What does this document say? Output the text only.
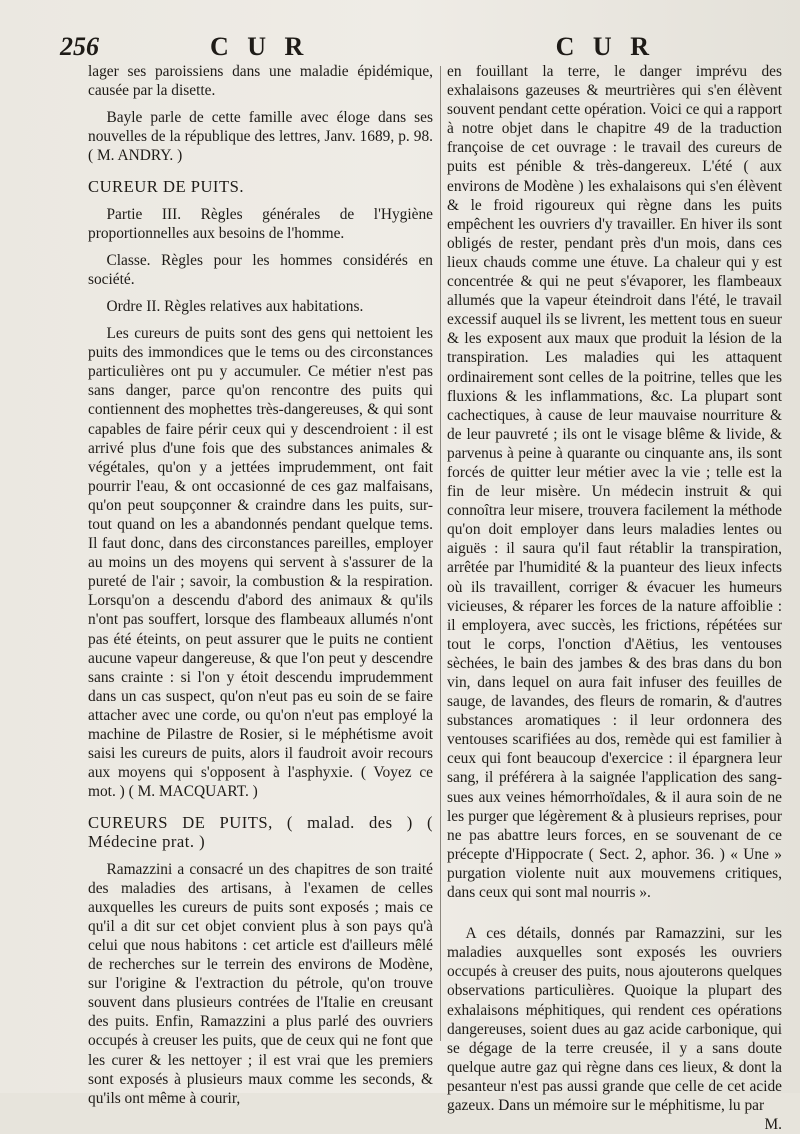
256	C U R	C U R

lager ses paroissiens dans une maladie épidémique, causée par la disette.

Bayle parle de cette famille avec éloge dans ses nouvelles de la république des lettres, Janv. 1689, p. 98. ( M. ANDRY. )

CUREUR DE PUITS.

Partie III. Règles générales de l'Hygiène proportionnelles aux besoins de l'homme.

Classe. Règles pour les hommes considérés en société.

Ordre II. Règles relatives aux habitations.

Les cureurs de puits sont des gens qui nettoient les puits des immondices que le tems ou des circonstances particulières ont pu y accumuler. Ce métier n'est pas sans danger, parce qu'on rencontre des puits qui contiennent des mophettes très-dangereuses, & qui sont capables de faire périr ceux qui y descendroient : il est arrivé plus d'une fois que des substances animales & végétales, qu'on y a jettées imprudemment, ont fait pourrir l'eau, & ont occasionné de ces gaz malfaisans, qu'on peut soupçonner & craindre dans les puits, sur-tout quand on les a abandonnés pendant quelque tems. Il faut donc, dans des circonstances pareilles, employer au moins un des moyens qui servent à s'assurer de la pureté de l'air ; savoir, la combustion & la respiration. Lorsqu'on a descendu d'abord des animaux & qu'ils n'ont pas souffert, lorsque des flambeaux allumés n'ont pas été éteints, on peut assurer que le puits ne contient aucune vapeur dangereuse, & que l'on peut y descendre sans crainte : si l'on y étoit descendu imprudemment dans un cas suspect, qu'on n'eut pas eu soin de se faire attacher avec une corde, ou qu'on n'eut pas employé la machine de Pilastre de Rosier, si le méphétisme avoit saisi les cureurs de puits, alors il faudroit avoir recours aux moyens qui s'opposent à l'asphyxie. ( Voyez ce mot. ) ( M. MACQUART. )

CUREURS DE PUITS, ( malad. des ) ( Médecine prat. )

Ramazzini a consacré un des chapitres de son traité des maladies des artisans, à l'examen de celles auxquelles les cureurs de puits sont exposés ; mais ce qu'il a dit sur cet objet convient plus à son pays qu'à celui que nous habitons : cet article est d'ailleurs mêlé de recherches sur le terrein des environs de Modène, sur l'origine & l'extraction du pétrole, qu'on trouve souvent dans plusieurs contrées de l'Italie en creusant des puits. Enfin, Ramazzini a plus parlé des ouvriers occupés à creuser les puits, que de ceux qui ne font que les curer & les nettoyer ; il est vrai que les premiers sont exposés à plusieurs maux comme les seconds, & qu'ils ont même à courir,

en fouillant la terre, le danger imprévu des exhalaisons gazeuses & meurtrières qui s'en élèvent souvent pendant cette opération. Voici ce qui a rapport à notre objet dans le chapitre 49 de la traduction françoise de cet ouvrage : le travail des cureurs de puits est pénible & très-dangereux. L'été ( aux environs de Modène ) les exhalaisons qui s'en élèvent & le froid rigoureux qui règne dans les puits empêchent les ouvriers d'y travailler. En hiver ils sont obligés de rester, pendant près d'un mois, dans ces lieux chauds comme une étuve. La chaleur qui y est concentrée & qui ne peut s'évaporer, les flambeaux allumés que la vapeur éteindroit dans l'été, le travail excessif auquel ils se livrent, les mettent tous en sueur & les exposent aux maux que produit la lésion de la transpiration. Les maladies qui les attaquent ordinairement sont celles de la poitrine, telles que les fluxions & les inflammations, &c. La plupart sont cachectiques, à cause de leur mauvaise nourriture & de leur pauvreté ; ils ont le visage blême & livide, & parvenus à peine à quarante ou cinquante ans, ils sont forcés de quitter leur métier avec la vie ; telle est la fin de leur misère. Un médecin instruit & qui connoîtra leur misere, trouvera facilement la méthode qu'on doit employer dans leurs maladies lentes ou aiguës : il saura qu'il faut rétablir la transpiration, arrêtée par l'humidité & la puanteur des lieux infects où ils travaillent, corriger & évacuer les humeurs vicieuses, & réparer les forces de la nature affoiblie : il employera, avec succès, les frictions, répétées sur tout le corps, l'onction d'Aëtius, les ventouses sèchées, le bain des jambes & des bras dans du bon vin, dans lequel on aura fait infuser des feuilles de sauge, de lavandes, des fleurs de romarin, & d'autres substances aromatiques : il leur ordonnera des ventouses scarifiées au dos, remède qui est familier à ceux qui font beaucoup d'exercice : il épargnera leur sang, il préférera à la saignée l'application des sang-sues aux veines hémorrhoïdales, & il aura soin de ne les purger que légèrement & à plusieurs reprises, pour ne pas abattre leurs forces, en se souvenant de ce précepte d'Hippocrate ( Sect. 2, aphor. 36. ) « Une » purgation violente nuit aux mouvemens critiques, dans ceux qui sont mal nourris ».

A ces détails, donnés par Ramazzini, sur les maladies auxquelles sont exposés les ouvriers occupés à creuser des puits, nous ajouterons quelques observations particulières. Quoique la plupart des exhalaisons méphitiques, qui rendent ces opérations dangereuses, soient dues au gaz acide carbonique, qui se dégage de la terre creusée, il y a sans doute quelque autre gaz qui règne dans ces lieux, & dont la pesanteur n'est pas aussi grande que celle de cet acide gazeux. Dans un mémoire sur le méphitisme, lu par

M.
